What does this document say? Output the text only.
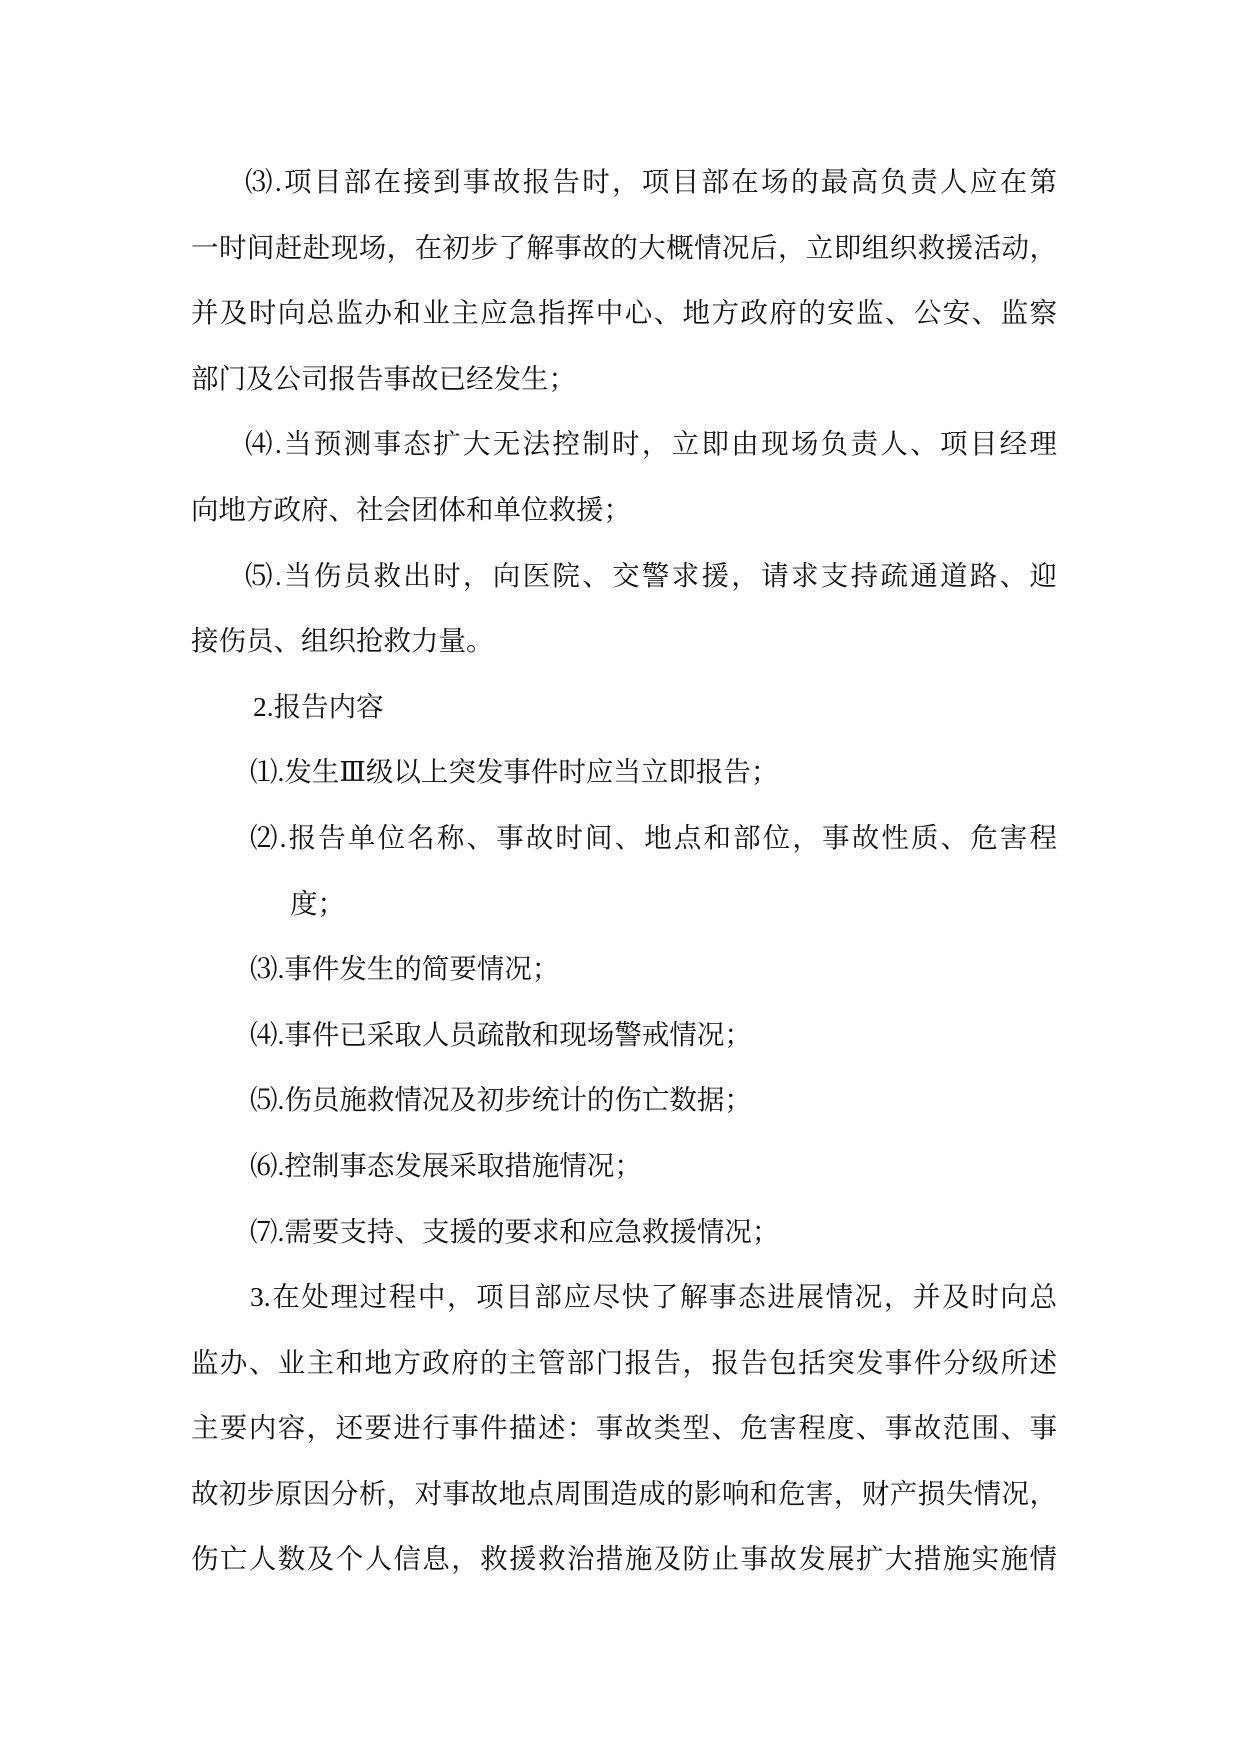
⑶.项目部在接到事故报告时，项目部在场的最高负责人应在第
一时间赶赴现场，在初步了解事故的大概情况后，立即组织救援活动，
并及时向总监办和业主应急指挥中心、地方政府的安监、公安、监察
部门及公司报告事故已经发生；
⑷.当预测事态扩大无法控制时，立即由现场负责人、项目经理
向地方政府、社会团体和单位救援；
⑸.当伤员救出时，向医院、交警求援，请求支持疏通道路、迎
接伤员、组织抢救力量。
2.报告内容
⑴.发生Ⅲ级以上突发事件时应当立即报告；
⑵.报告单位名称、事故时间、地点和部位，事故性质、危害程
度；
⑶.事件发生的简要情况；
⑷.事件已采取人员疏散和现场警戒情况；
⑸.伤员施救情况及初步统计的伤亡数据；
⑹.控制事态发展采取措施情况；
⑺.需要支持、支援的要求和应急救援情况；
3.在处理过程中，项目部应尽快了解事态进展情况，并及时向总
监办、业主和地方政府的主管部门报告，报告包括突发事件分级所述
主要内容，还要进行事件描述：事故类型、危害程度、事故范围、事
故初步原因分析，对事故地点周围造成的影响和危害，财产损失情况，
伤亡人数及个人信息，救援救治措施及防止事故发展扩大措施实施情
